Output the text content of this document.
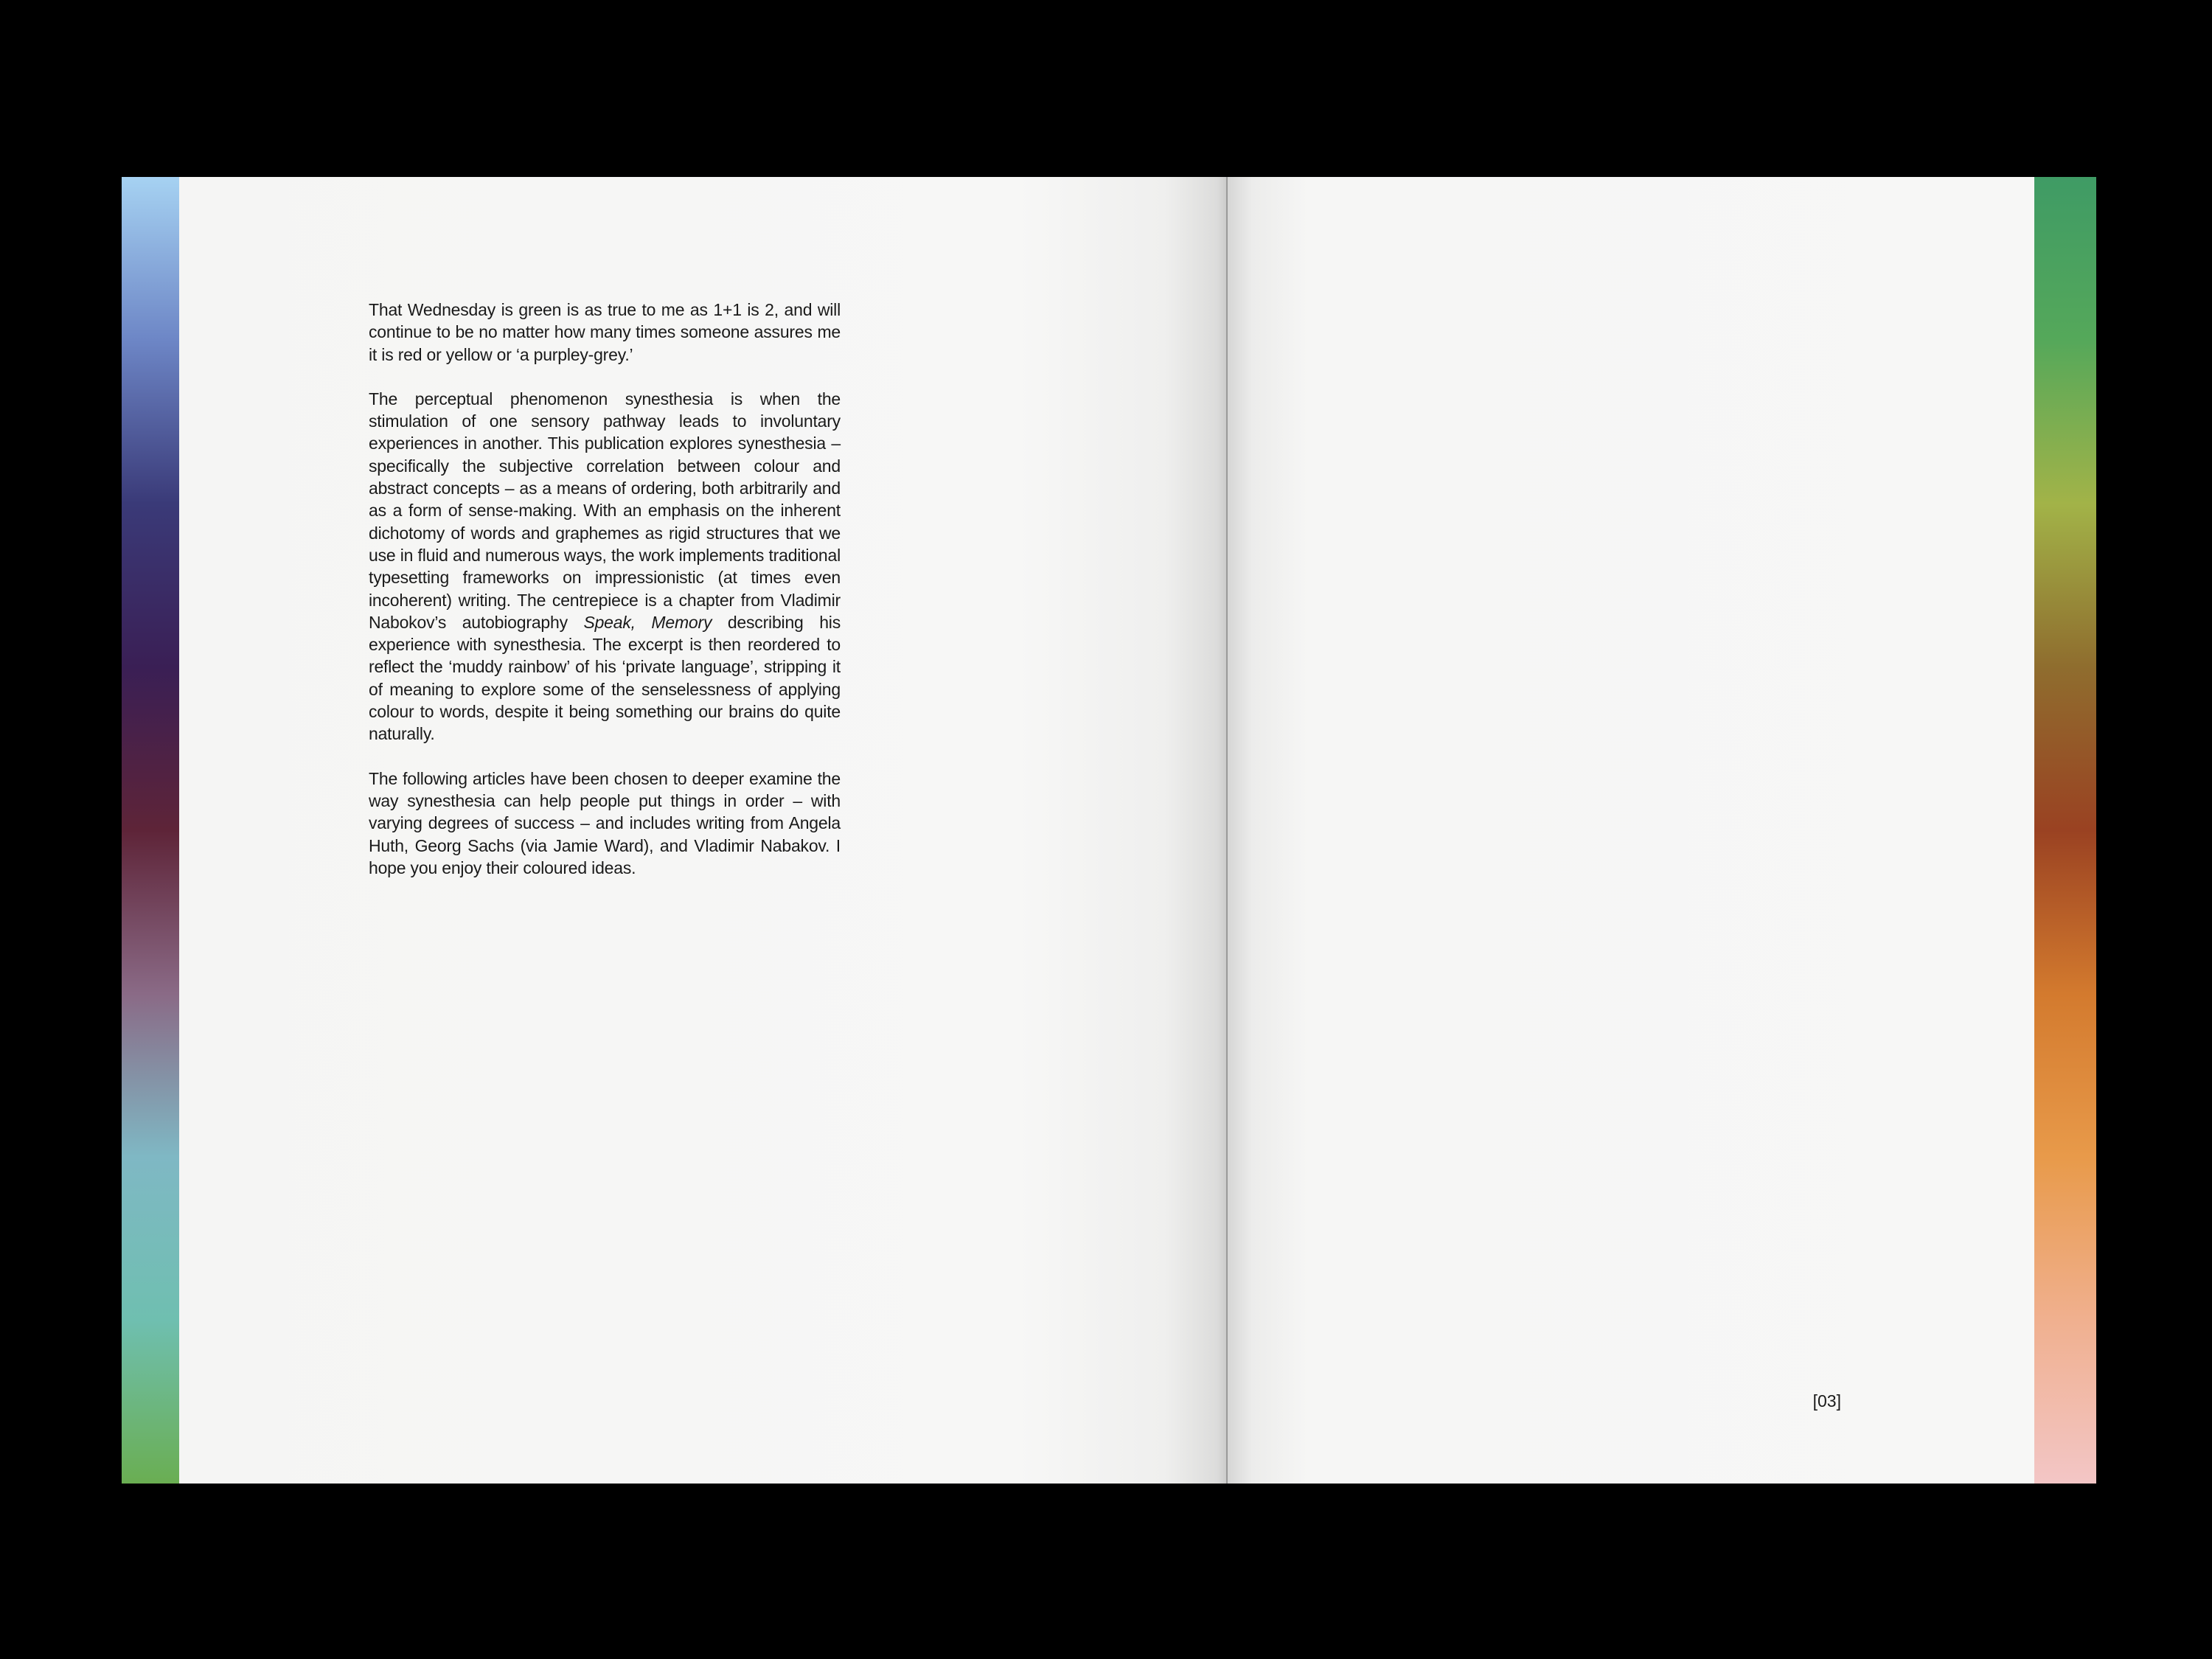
That Wednesday is green is as true to me as 1+1 is 2, and will continue to be no matter how many times someone assures me it is red or yellow or ‘a purpley-grey.’

The perceptual phenomenon synesthesia is when the stimulation of one sensory pathway leads to involuntary experiences in another. This publication explores synesthesia – specifically the subjective correlation between colour and abstract concepts – as a means of ordering, both arbitrarily and as a form of sense-making. With an emphasis on the inherent dichotomy of words and graphemes as rigid structures that we use in fluid and numerous ways, the work implements traditional typesetting frameworks on impressionistic (at times even incoherent) writing. The centrepiece is a chapter from Vladimir Nabokov’s autobiography Speak, Memory describing his experience with synesthesia. The excerpt is then reordered to reflect the ‘muddy rainbow’ of his ‘private language’, stripping it of meaning to explore some of the senselessness of applying colour to words, despite it being something our brains do quite naturally.

The following articles have been chosen to deeper examine the way synesthesia can help people put things in order – with varying degrees of success – and includes writing from Angela Huth, Georg Sachs (via Jamie Ward), and Vladimir Nabakov. I hope you enjoy their coloured ideas.

[03]
